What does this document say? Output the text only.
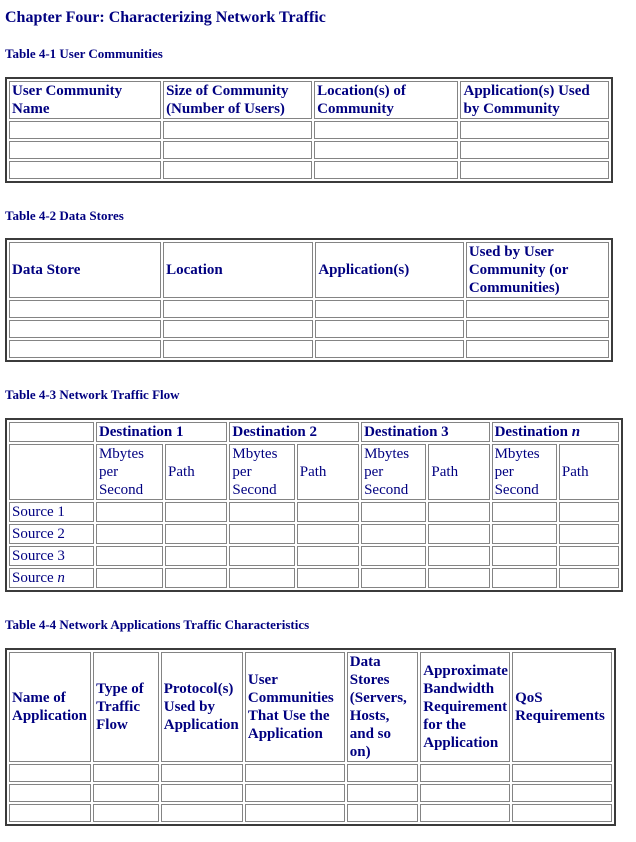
Chapter Four: Characterizing Network Traffic

Table 4-1 User Communities

User Community Name	Size of Community (Number of Users)	Location(s) of Community	Application(s) Used by Community

Table 4-2 Data Stores

Data Store	Location	Application(s)	Used by User Community (or Communities)

Table 4-3 Network Traffic Flow

	Destination 1		Destination 2		Destination 3		Destination n	
	Mbytes per Second	Path	Mbytes per Second	Path	Mbytes per Second	Path	Mbytes per Second	Path
Source 1								
Source 2								
Source 3								
Source n								

Table 4-4 Network Applications Traffic Characteristics

Name of Application	Type of Traffic Flow	Protocol(s) Used by Application	User Communities That Use the Application	Data Stores (Servers, Hosts, and so on)	Approximate Bandwidth Requirement for the Application	QoS Requirements
